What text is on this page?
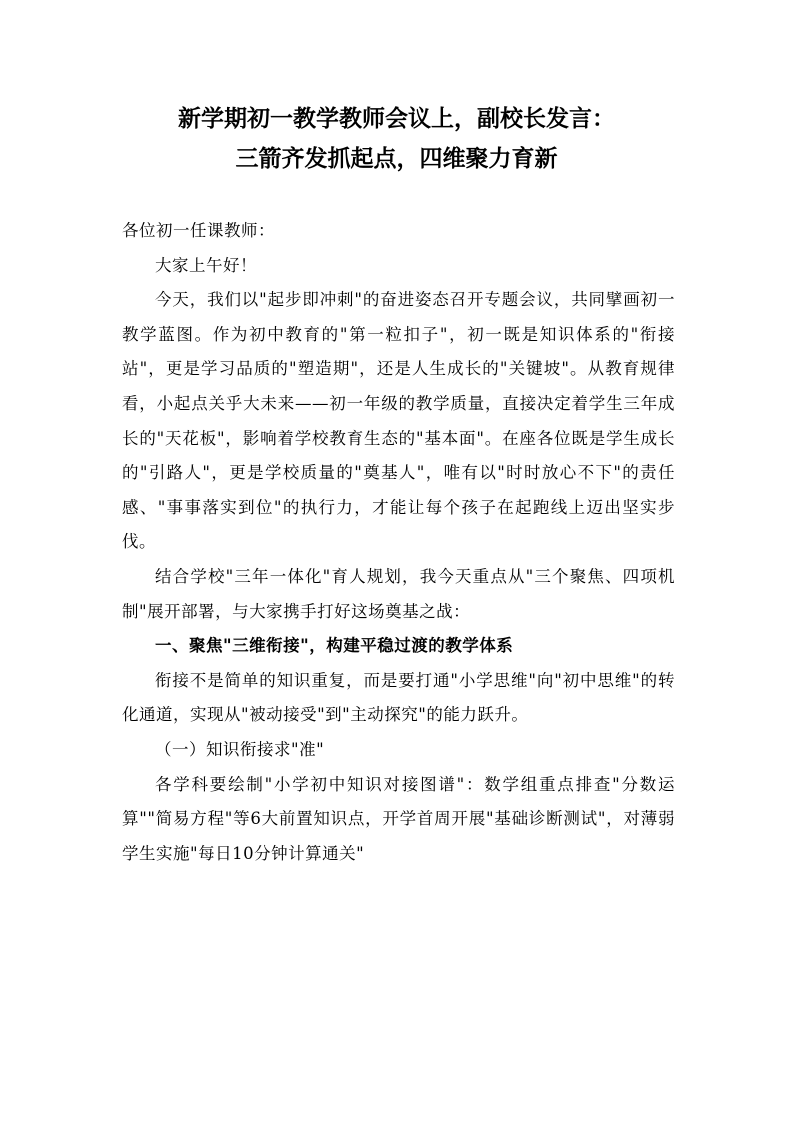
新学期初一教学教师会议上，副校长发言：
三箭齐发抓起点，四维聚力育新

各位初一任课教师：

大家上午好！

今天，我们以"起步即冲刺"的奋进姿态召开专题会议，共同擘画初一教学蓝图。作为初中教育的"第一粒扣子"，初一既是知识体系的"衔接站"，更是学习品质的"塑造期"，还是人生成长的"关键坡"。从教育规律看，小起点关乎大未来——初一年级的教学质量，直接决定着学生三年成长的"天花板"，影响着学校教育生态的"基本面"。在座各位既是学生成长的"引路人"，更是学校质量的"奠基人"，唯有以"时时放心不下"的责任感、"事事落实到位"的执行力，才能让每个孩子在起跑线上迈出坚实步伐。

结合学校"三年一体化"育人规划，我今天重点从"三个聚焦、四项机制"展开部署，与大家携手打好这场奠基之战：

一、聚焦"三维衔接"，构建平稳过渡的教学体系

衔接不是简单的知识重复，而是要打通"小学思维"向"初中思维"的转化通道，实现从"被动接受"到"主动探究"的能力跃升。

（一）知识衔接求"准"

各学科要绘制"小学初中知识对接图谱"：数学组重点排查"分数运算""简易方程"等6大前置知识点，开学首周开展"基础诊断测试"，对薄弱学生实施"每日10分钟计算通关"
